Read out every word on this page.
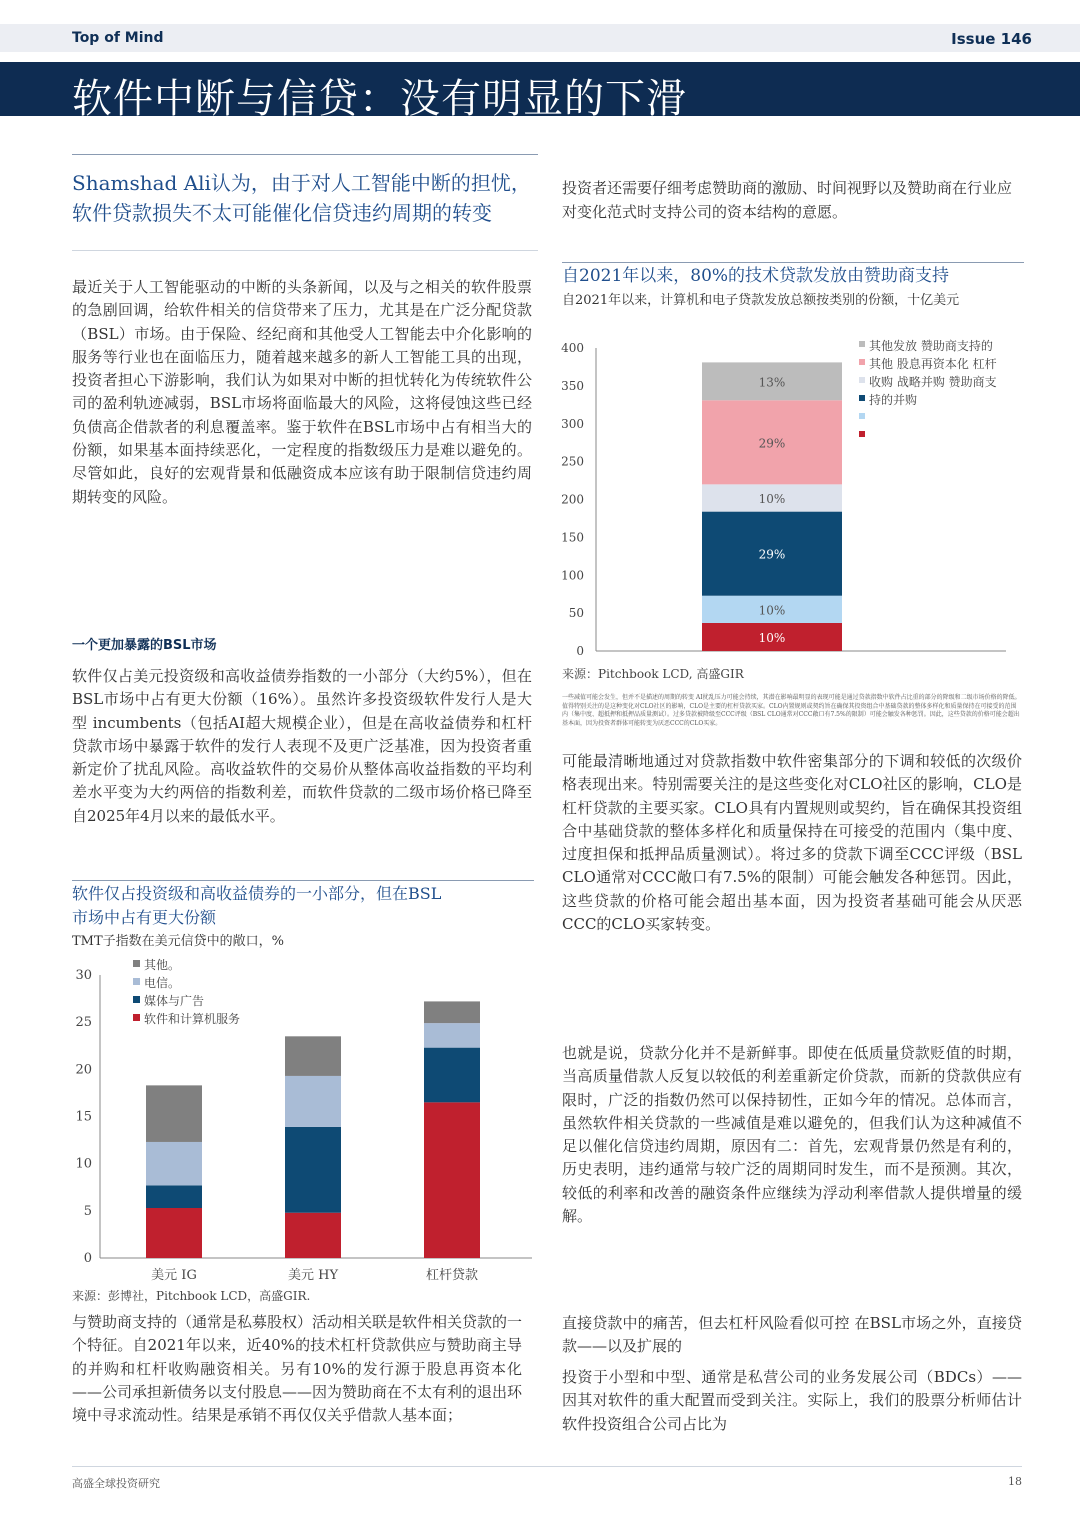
Top of Mind	Issue 146
软件中断与信贷：没有明显的下滑
Shamshad Ali认为，由于对人工智能中断的担忧，软件贷款损失不太可能催化信贷违约周期的转变
最近关于人工智能驱动的中断的头条新闻，以及与之相关的软件股票的急剧回调，给软件相关的信贷带来了压力，尤其是在广泛分配贷款（BSL）市场。由于保险、经纪商和其他受人工智能去中介化影响的服务等行业也在面临压力，随着越来越多的新人工智能工具的出现，投资者担心下游影响，我们认为如果对中断的担忧转化为传统软件公司的盈利轨迹减弱，BSL市场将面临最大的风险，这将侵蚀这些已经负债高企借款者的利息覆盖率。鉴于软件在BSL市场中占有相当大的份额，如果基本面持续恶化，一定程度的指数级压力是难以避免的。尽管如此，良好的宏观背景和低融资成本应该有助于限制信贷违约周期转变的风险。
一个更加暴露的BSL市场
软件仅占美元投资级和高收益债券指数的一小部分（大约5%），但在BSL市场中占有更大份额（16%）。虽然许多投资级软件发行人是大型 incumbents（包括AI超大规模企业），但是在高收益债券和杠杆贷款市场中暴露于软件的发行人表现不及更广泛基准，因为投资者重新定价了扰乱风险。高收益软件的交易价从整体高收益指数的平均利差水平变为大约两倍的指数利差，而软件贷款的二级市场价格已降至自2025年4月以来的最低水平。
软件仅占投资级和高收益债券的一小部分，但在BSL市场中占有更大份额
TMT子指数在美元信贷中的敞口，%
0
5
10
15
20
25
30
美元 IG	美元 HY	杠杆贷款
其他。
电信。
媒体与广告
软件和计算机服务
来源：彭博社，Pitchbook LCD，高盛GIR.
与赞助商支持的（通常是私募股权）活动相关联是软件相关贷款的一个特征。自2021年以来，近40%的技术杠杆贷款供应与赞助商主导的并购和杠杆收购融资相关。另有10%的发行源于股息再资本化——公司承担新债务以支付股息——因为赞助商在不太有利的退出环境中寻求流动性。结果是承销不再仅仅关乎借款人基本面；
投资者还需要仔细考虑赞助商的激励、时间视野以及赞助商在行业应对变化范式时支持公司的资本结构的意愿。
自2021年以来，80%的技术贷款发放由赞助商支持
自2021年以来，计算机和电子贷款发放总额按类别的份额，十亿美元
0
50
100
150
200
250
300
350
400
10%
10%
29%
10%
29%
13%
其他发放 赞助商支持的
其他 股息再资本化 杠杆
收购 战略并购 赞助商支
持的并购
来源：Pitchbook LCD, 高盛GIR
一些减值可能会发生，但并不是描述的周期的转变 AI扰乱压力可能会持续，其潜在影响最明显的表现可能是通过贷款指数中软件占比重的部分的降级和二级市场价格的降低。值得特别关注的是这种变化对CLO社区的影响，CLO是主要的杠杆贷款买家。CLO内置规则或契约旨在确保其投资组合中基础贷款的整体多样化和质量保持在可接受的范围内（集中度、超抵押和抵押品质量测试）。过多贷款被降级至CCC评级（BSL CLO通常对CCC敞口有7.5%的限制）可能会触发各种惩罚。因此，这些贷款的价格可能会超出基本面，因为投资者群体可能转变为厌恶CCC的CLO买家。
可能最清晰地通过对贷款指数中软件密集部分的下调和较低的次级价格表现出来。特别需要关注的是这些变化对CLO社区的影响，CLO是杠杆贷款的主要买家。CLO具有内置规则或契约，旨在确保其投资组合中基础贷款的整体多样化和质量保持在可接受的范围内（集中度、过度担保和抵押品质量测试）。将过多的贷款下调至CCC评级（BSL CLO通常对CCC敞口有7.5%的限制）可能会触发各种惩罚。因此，这些贷款的价格可能会超出基本面，因为投资者基础可能会从厌恶CCC的CLO买家转变。
也就是说，贷款分化并不是新鲜事。即使在低质量贷款贬值的时期，当高质量借款人反复以较低的利差重新定价贷款，而新的贷款供应有限时，广泛的指数仍然可以保持韧性，正如今年的情况。总体而言，虽然软件相关贷款的一些减值是难以避免的，但我们认为这种减值不足以催化信贷违约周期，原因有二：首先，宏观背景仍然是有利的，历史表明，违约通常与较广泛的周期同时发生，而不是预测。其次，较低的利率和改善的融资条件应继续为浮动利率借款人提供增量的缓解。
直接贷款中的痛苦，但去杠杆风险看似可控 在BSL市场之外，直接贷款——以及扩展的
投资于小型和中型、通常是私营公司的业务发展公司（BDCs）——因其对软件的重大配置而受到关注。实际上，我们的股票分析师估计软件投资组合公司占比为
高盛全球投资研究	18
